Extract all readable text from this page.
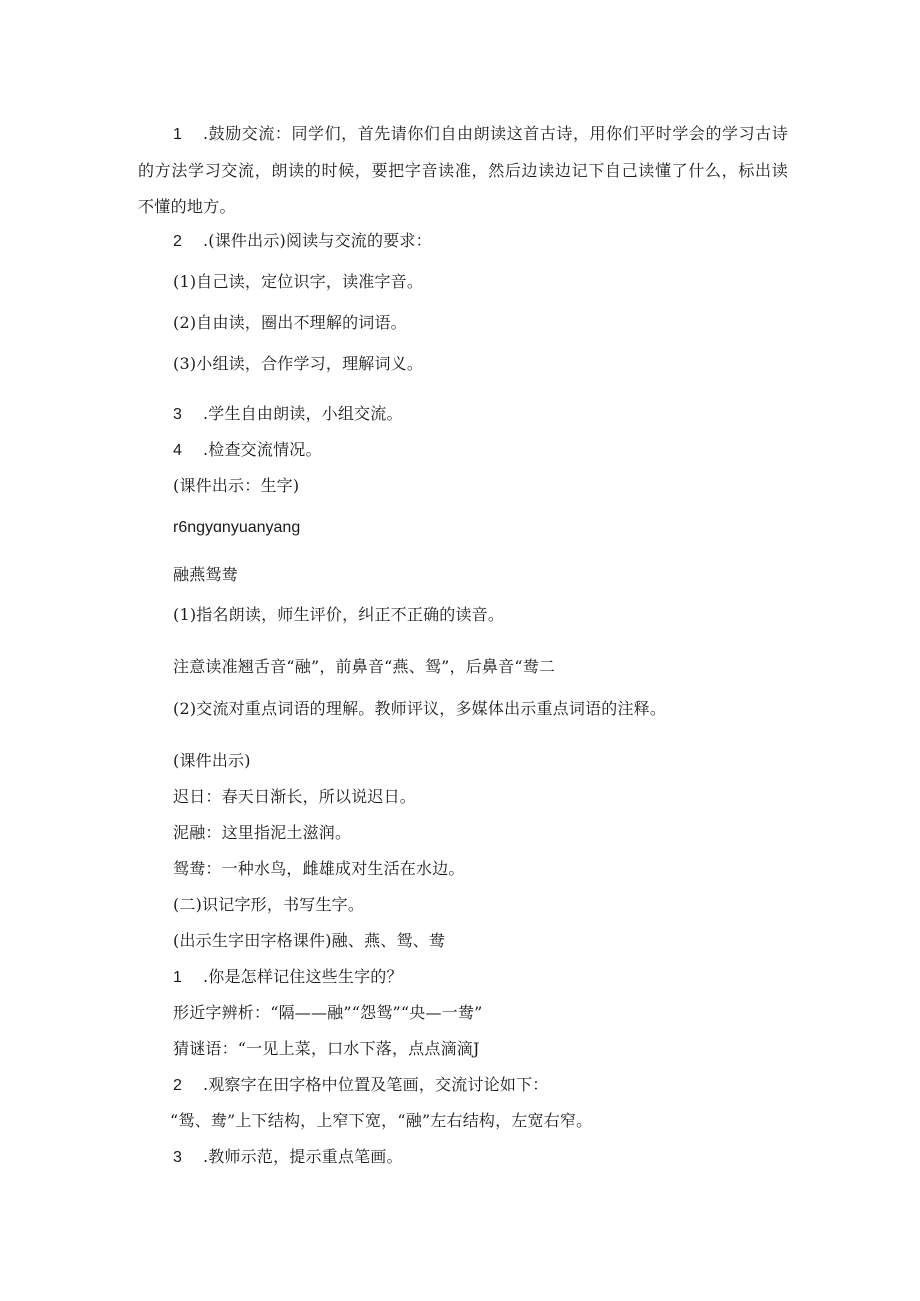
1 .鼓励交流：同学们，首先请你们自由朗读这首古诗，用你们平时学会的学习古诗的方法学习交流，朗读的时候，要把字音读准，然后边读边记下自己读懂了什么，标出读不懂的地方。
2 .(课件出示)阅读与交流的要求：
(1)自己读，定位识字，读准字音。
(2)自由读，圈出不理解的词语。
(3)小组读，合作学习，理解词义。
3 .学生自由朗读，小组交流。
4 .检查交流情况。
(课件出示：生字)
r6ngyɑnyuanyang
融燕鸳鸯
(1)指名朗读，师生评价，纠正不正确的读音。
注意读准翘舌音“融”，前鼻音“燕、鸳”，后鼻音“鸯二
(2)交流对重点词语的理解。教师评议，多媒体出示重点词语的注释。
(课件出示)
迟日：春天日渐长，所以说迟日。
泥融：这里指泥土滋润。
鸳鸯：一种水鸟，雌雄成对生活在水边。
(二)识记字形，书写生字。
(出示生字田字格课件)融、燕、鸳、鸯
1 .你是怎样记住这些生字的？
形近字辨析：“隔——融”“怨鸳”“央—一鸯”
猜谜语：“一见上菜，口水下落，点点滴滴J
2 .观察字在田字格中位置及笔画，交流讨论如下：
“鸳、鸯”上下结构，上窄下宽，“融”左右结构，左宽右窄。
3 .教师示范，提示重点笔画。
